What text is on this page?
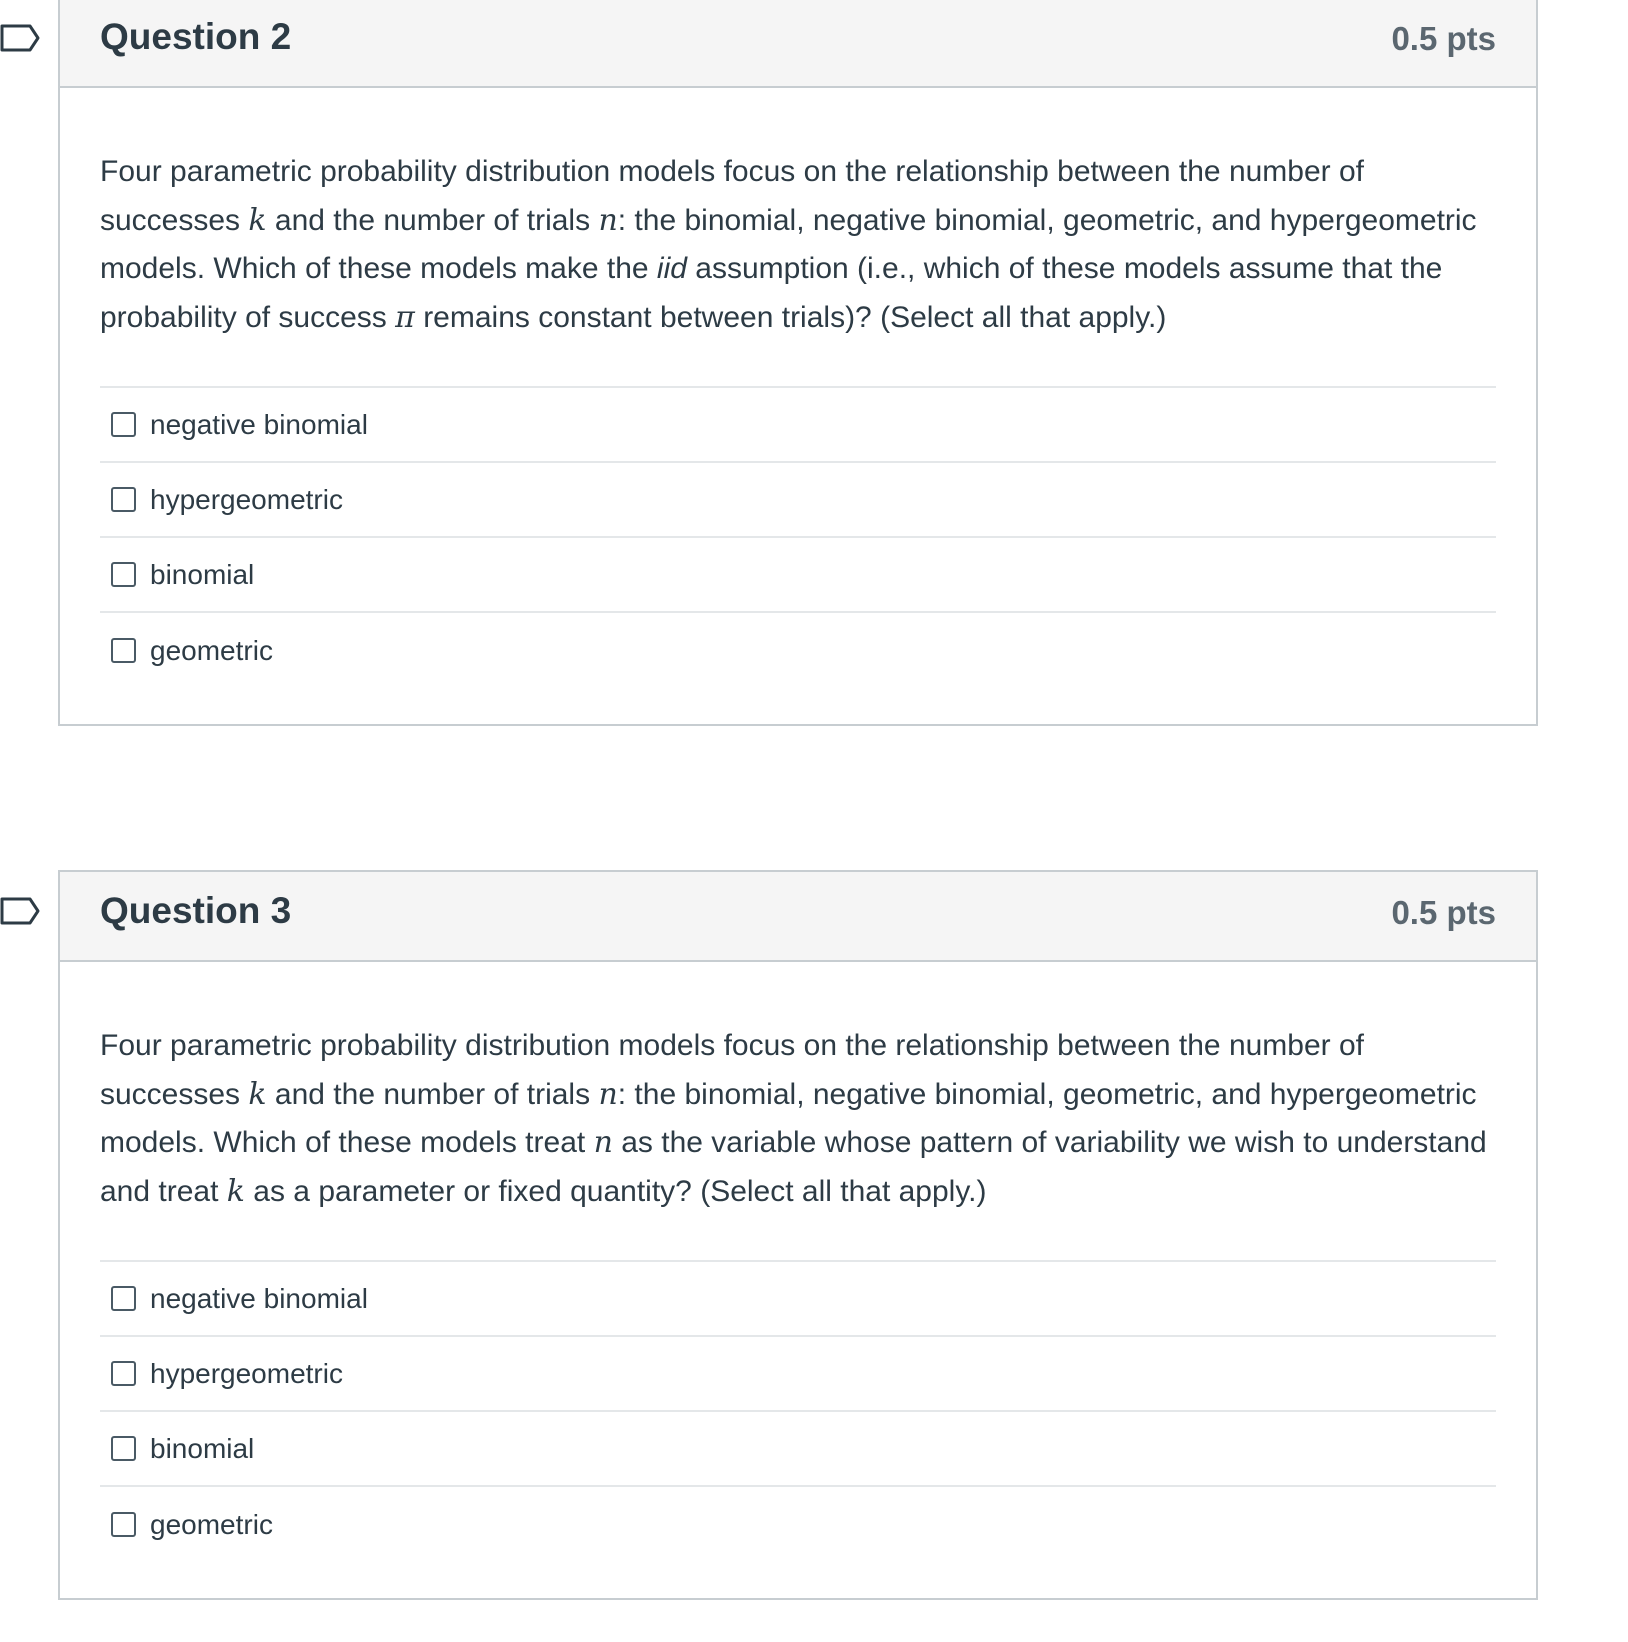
Question 2	0.5 pts

Four parametric probability distribution models focus on the relationship between the number of successes k and the number of trials n: the binomial, negative binomial, geometric, and hypergeometric models. Which of these models make the iid assumption (i.e., which of these models assume that the probability of success π remains constant between trials)? (Select all that apply.)

negative binomial
hypergeometric
binomial
geometric
Question 3	0.5 pts

Four parametric probability distribution models focus on the relationship between the number of successes k and the number of trials n: the binomial, negative binomial, geometric, and hypergeometric models. Which of these models treat n as the variable whose pattern of variability we wish to understand and treat k as a parameter or fixed quantity? (Select all that apply.)

negative binomial
hypergeometric
binomial
geometric
